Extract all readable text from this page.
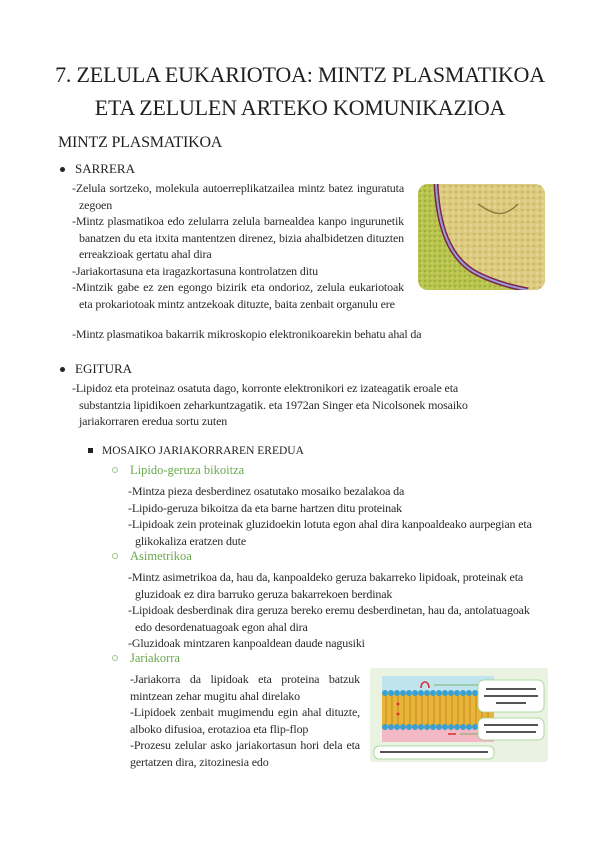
7. ZELULA EUKARIOTOA: MINTZ PLASMATIKOA
ETA ZELULEN ARTEKO KOMUNIKAZIOA
MINTZ PLASMATIKOA
SARRERA
-Zelula sortzeko, molekula autoerreplikatzailea mintz batez inguratuta zegoen
-Mintz plasmatikoa edo zelularra zelula barnealdea kanpo ingurunetik banatzen du eta itxita mantentzen direnez, bizia ahalbidetzen dituzten erreakzioak gertatu ahal dira
-Jariakortasuna eta iragazkortasuna kontrolatzen ditu
-Mintzik gabe ez zen egongo bizirik eta ondorioz, zelula eukariotoak eta prokariotoak mintz antzekoak dituzte, baita zenbait organulu ere
-Mintz plasmatikoa bakarrik mikroskopio elektronikoarekin behatu ahal da
EGITURA
-Lipidoz eta proteinaz osatuta dago, korronte elektronikori ez izateagatik eroale eta substantzia lipidikoen zeharkuntzagatik. eta 1972an Singer eta Nicolsonek mosaiko jariakorraren eredua sortu zuten
MOSAIKO JARIAKORRAREN EREDUA
Lipido-geruza bikoitza
-Mintza pieza desberdinez osatutako mosaiko bezalakoa da
-Lipido-geruza bikoitza da eta barne hartzen ditu proteinak
-Lipidoak zein proteinak gluzidoekin lotuta egon ahal dira kanpoaldeako aurpegian eta glikokaliza eratzen dute
Asimetrikoa
-Mintz asimetrikoa da, hau da, kanpoaldeko geruza bakarreko lipidoak, proteinak eta gluzidoak ez dira barruko geruza bakarrekoen berdinak
-Lipidoak desberdinak dira geruza bereko eremu desberdinetan, hau da, antolatuagoak edo desordenatuagoak egon ahal dira
-Gluzidoak mintzaren kanpoaldean daude nagusiki
Jariakorra
-Jariakorra da lipidoak eta proteina batzuk mintzean zehar mugitu ahal direlako
-Lipidoek zenbait mugimendu egin ahal dituzte, alboko difusioa, erotazioa eta flip-flop
-Prozesu zelular asko jariakortasun hori dela eta gertatzen dira, zitozinesia edo
